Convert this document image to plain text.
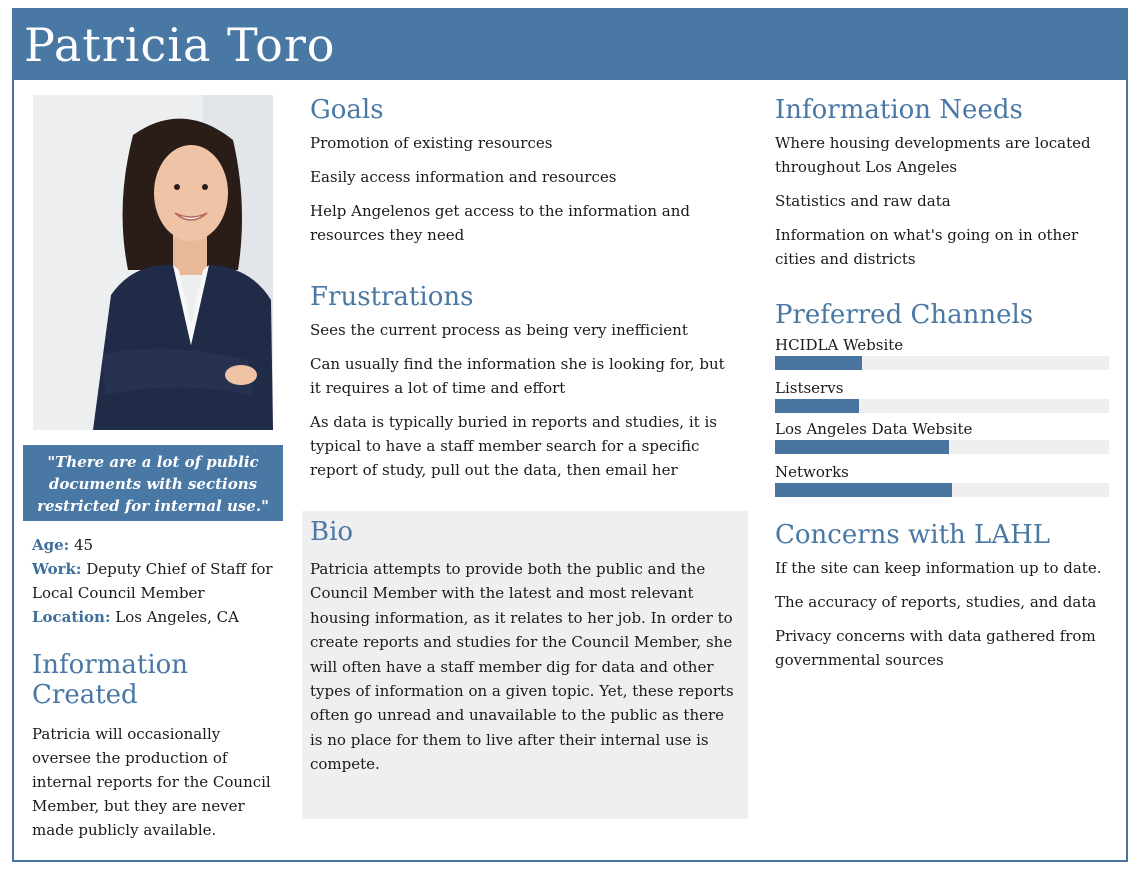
Patricia Toro
"There are a lot of public documents with sections restricted for internal use."
Age: 45
Work: Deputy Chief of Staff for Local Council Member
Location: Los Angeles, CA
Information Created

Patricia will occasionally oversee the production of internal reports for the Council Member, but they are never made publicly available.

Goals

Promotion of existing resources

Easily access information and resources

Help Angelenos get access to the information and resources they need

Frustrations

Sees the current process as being very inefficient

Can usually find the information she is looking for, but it requires a lot of time and effort

As data is typically buried in reports and studies, it is typical to have a staff member search for a specific report of study, pull out the data, then email her

Bio

Patricia attempts to provide both the public and the Council Member with the latest and most relevant housing information, as it relates to her job. In order to create reports and studies for the Council Member, she will often have a staff member dig for data and other types of information on a given topic. Yet, these reports often go unread and unavailable to the public as there is no place for them to live after their internal use is compete.

Information Needs

Where housing developments are located throughout Los Angeles

Statistics and raw data

Information on what's going on in other cities and districts

Preferred Channels
HCIDLA Website
Listservs
Los Angeles Data Website
Networks
Concerns with LAHL

If the site can keep information up to date.

The accuracy of reports, studies, and data

Privacy concerns with data gathered from governmental sources
